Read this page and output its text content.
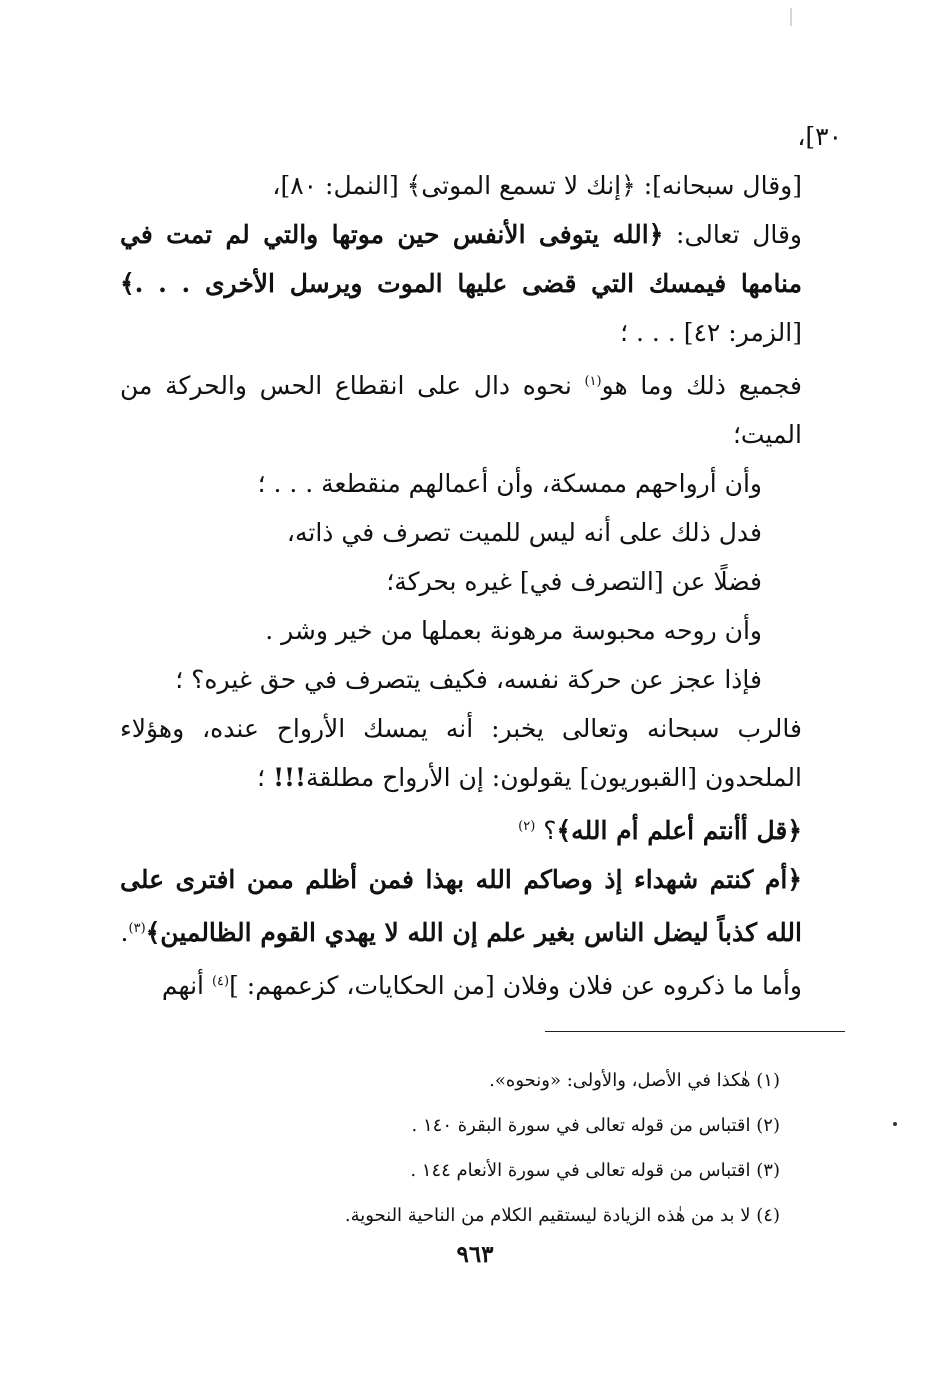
٣٠]،

[وقال سبحانه]: ﴿إنك لا تسمع الموتى﴾ [النمل: ٨٠]،

وقال تعالى: ﴿الله يتوفى الأنفس حين موتها والتي لم تمت في منامها فيمسك التي قضى عليها الموت ويرسل الأخرى . . .﴾ [الزمر: ٤٢] . . . ؛

فجميع ذلك وما هو$^{(١)}$ نحوه دال على انقطاع الحس والحركة من الميت؛

وأن أرواحهم ممسكة، وأن أعمالهم منقطعة . . . ؛

فدل ذلك على أنه ليس للميت تصرف في ذاته،

فضلًا عن [التصرف في] غيره بحركة؛

وأن روحه محبوسة مرهونة بعملها من خير وشر .

فإذا عجز عن حركة نفسه، فكيف يتصرف في حق غيره؟ ؛

فالرب سبحانه وتعالى يخبر: أنه يمسك الأرواح عنده، وهؤلاء الملحدون [القبوريون] يقولون: إن الأرواح مطلقة!!! ؛

﴿قل أأنتم أعلم أم الله﴾؟ $^{(٢)}$

﴿أم كنتم شهداء إذ وصاكم الله بهذا فمن أظلم ممن افترى على الله كذباً ليضل الناس بغير علم إن الله لا يهدي القوم الظالمين﴾$^{(٣)}$.

وأما ما ذكروه عن فلان وفلان [من الحكايات، كزعمهم: ]$^{(٤)}$ أنهم

(١) هٰكذا في الأصل، والأولى: «ونحوه».

(٢) اقتباس من قوله تعالى في سورة البقرة ١٤٠ .

(٣) اقتباس من قوله تعالى في سورة الأنعام ١٤٤ .

(٤) لا بد من هٰذه الزيادة ليستقيم الكلام من الناحية النحوية.

٩٦٣
